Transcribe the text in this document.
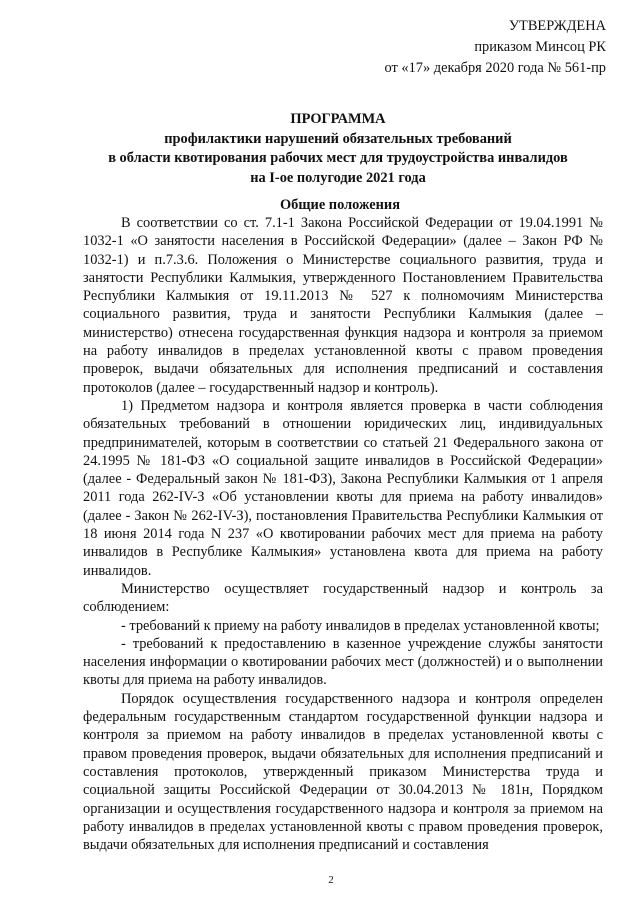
УТВЕРЖДЕНА
приказом Минсоц РК
от «17» декабря 2020 года № 561-пр
ПРОГРАММА
профилактики нарушений обязательных требований
в области квотирования рабочих мест для трудоустройства инвалидов
на I-ое полугодие 2021 года
Общие положения

В соответствии со ст. 7.1-1 Закона Российской Федерации от 19.04.1991 № 1032-1 «О занятости населения в Российской Федерации» (далее – Закон РФ № 1032-1) и п.7.3.6. Положения о Министерстве социального развития, труда и занятости Республики Калмыкия, утвержденного Постановлением Правительства Республики Калмыкия от 19.11.2013 № 527 к полномочиям Министерства социального развития, труда и занятости Республики Калмыкия (далее – министерство) отнесена государственная функция надзора и контроля за приемом на работу инвалидов в пределах установленной квоты с правом проведения проверок, выдачи обязательных для исполнения предписаний и составления протоколов (далее – государственный надзор и контроль).

1) Предметом надзора и контроля является проверка в части соблюдения обязательных требований в отношении юридических лиц, индивидуальных предпринимателей, которым в соответствии со статьей 21 Федерального закона от 24.1995 № 181-ФЗ «О социальной защите инвалидов в Российской Федерации» (далее - Федеральный закон № 181-ФЗ), Закона Республики Калмыкия от 1 апреля 2011 года 262-IV-З «Об установлении квоты для приема на работу инвалидов» (далее - Закон № 262-IV-З), постановления Правительства Республики Калмыкия от 18 июня 2014 года N 237 «О квотировании рабочих мест для приема на работу инвалидов в Республике Калмыкия» установлена квота для приема на работу инвалидов.

Министерство осуществляет государственный надзор и контроль за соблюдением:

- требований к приему на работу инвалидов в пределах установленной квоты;

- требований к предоставлению в казенное учреждение службы занятости населения информации о квотировании рабочих мест (должностей) и о выполнении квоты для приема на работу инвалидов.

Порядок осуществления государственного надзора и контроля определен федеральным государственным стандартом государственной функции надзора и контроля за приемом на работу инвалидов в пределах установленной квоты с правом проведения проверок, выдачи обязательных для исполнения предписаний и составления протоколов, утвержденный приказом Министерства труда и социальной защиты Российской Федерации от 30.04.2013 № 181н, Порядком организации и осуществления государственного надзора и контроля за приемом на работу инвалидов в пределах установленной квоты с правом проведения проверок, выдачи обязательных для исполнения предписаний и составления

2
